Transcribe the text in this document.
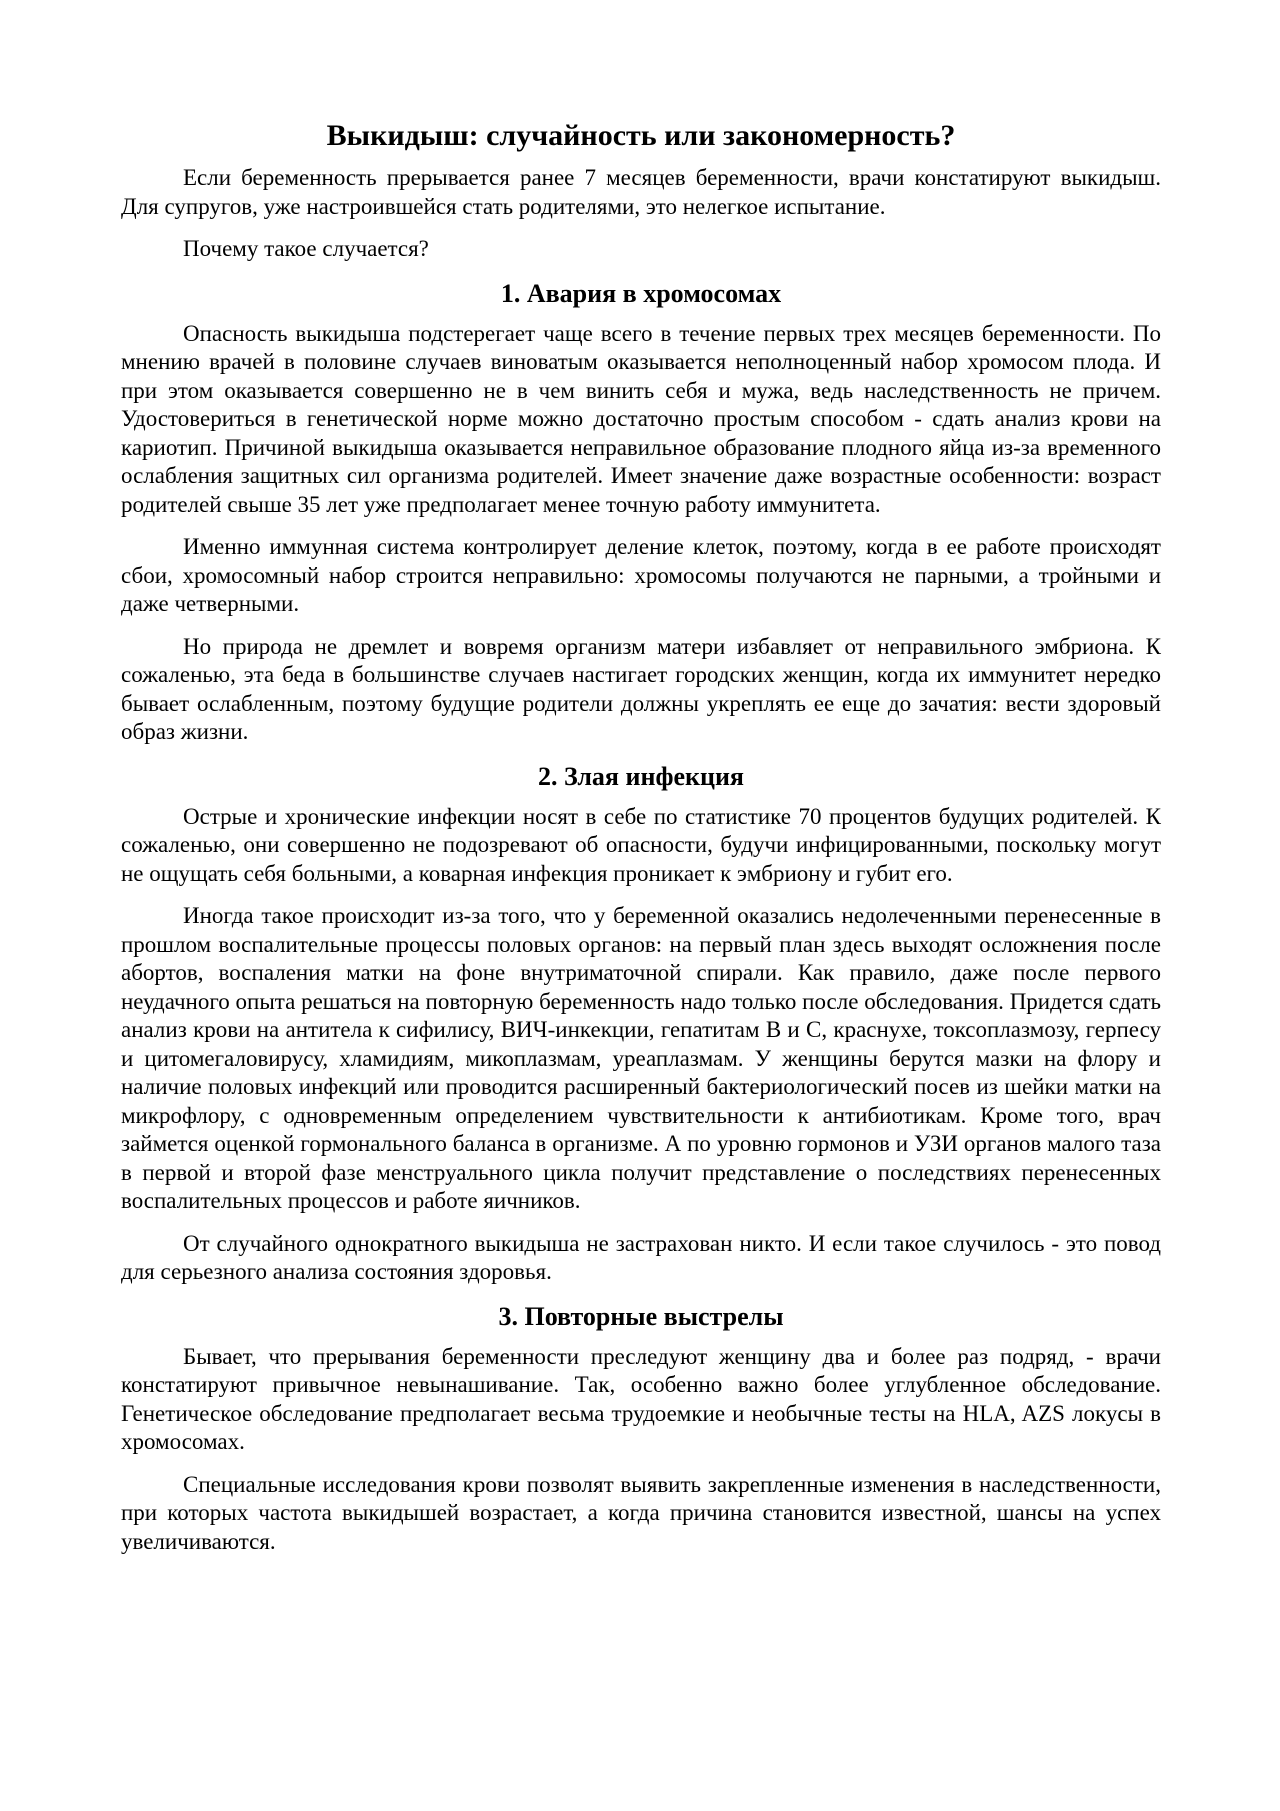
Выкидыш: случайность или закономерность?

Если беременность прерывается ранее 7 месяцев беременности, врачи констатируют выкидыш. Для супругов, уже настроившейся стать родителями, это нелегкое испытание.

Почему такое случается?

1. Авария в хромосомах

Опасность выкидыша подстерегает чаще всего в течение первых трех месяцев беременности. По мнению врачей в половине случаев виноватым оказывается неполноценный набор хромосом плода. И при этом оказывается совершенно не в чем винить себя и мужа, ведь наследственность не причем. Удостовериться в генетической норме можно достаточно простым способом - сдать анализ крови на кариотип. Причиной выкидыша оказывается неправильное образование плодного яйца из-за временного ослабления защитных сил организма родителей. Имеет значение даже возрастные особенности: возраст родителей свыше 35 лет уже предполагает менее точную работу иммунитета.

Именно иммунная система контролирует деление клеток, поэтому, когда в ее работе происходят сбои, хромосомный набор строится неправильно: хромосомы получаются не парными, а тройными и даже четверными.

Но природа не дремлет и вовремя организм матери избавляет от неправильного эмбриона. К сожаленью, эта беда в большинстве случаев настигает городских женщин, когда их иммунитет нередко бывает ослабленным, поэтому будущие родители должны укреплять ее еще до зачатия: вести здоровый образ жизни.

2. Злая инфекция

Острые и хронические инфекции носят в себе по статистике 70 процентов будущих родителей. К сожаленью, они совершенно не подозревают об опасности, будучи инфицированными, поскольку могут не ощущать себя больными, а коварная инфекция проникает к эмбриону и губит его.

Иногда такое происходит из-за того, что у беременной оказались недолеченными перенесенные в прошлом воспалительные процессы половых органов: на первый план здесь выходят осложнения после абортов, воспаления матки на фоне внутриматочной спирали. Как правило, даже после первого неудачного опыта решаться на повторную беременность надо только после обследования. Придется сдать анализ крови на антитела к сифилису, ВИЧ-инкекции, гепатитам В и С, краснухе, токсоплазмозу, герпесу и цитомегаловирусу, хламидиям, микоплазмам, уреаплазмам. У женщины берутся мазки на флору и наличие половых инфекций или проводится расширенный бактериологический посев из шейки матки на микрофлору, с одновременным определением чувствительности к антибиотикам. Кроме того, врач займется оценкой гормонального баланса в организме. А по уровню гормонов и УЗИ органов малого таза в первой и второй фазе менструального цикла получит представление о последствиях перенесенных воспалительных процессов и работе яичников.

От случайного однократного выкидыша не застрахован никто. И если такое случилось - это повод для серьезного анализа состояния здоровья.

3. Повторные выстрелы

Бывает, что прерывания беременности преследуют женщину два и более раз подряд, - врачи констатируют привычное невынашивание. Так, особенно важно более углубленное обследование. Генетическое обследование предполагает весьма трудоемкие и необычные тесты на HLA, AZS локусы в хромосомах.

Специальные исследования крови позволят выявить закрепленные изменения в наследственности, при которых частота выкидышей возрастает, а когда причина становится известной, шансы на успех увеличиваются.
